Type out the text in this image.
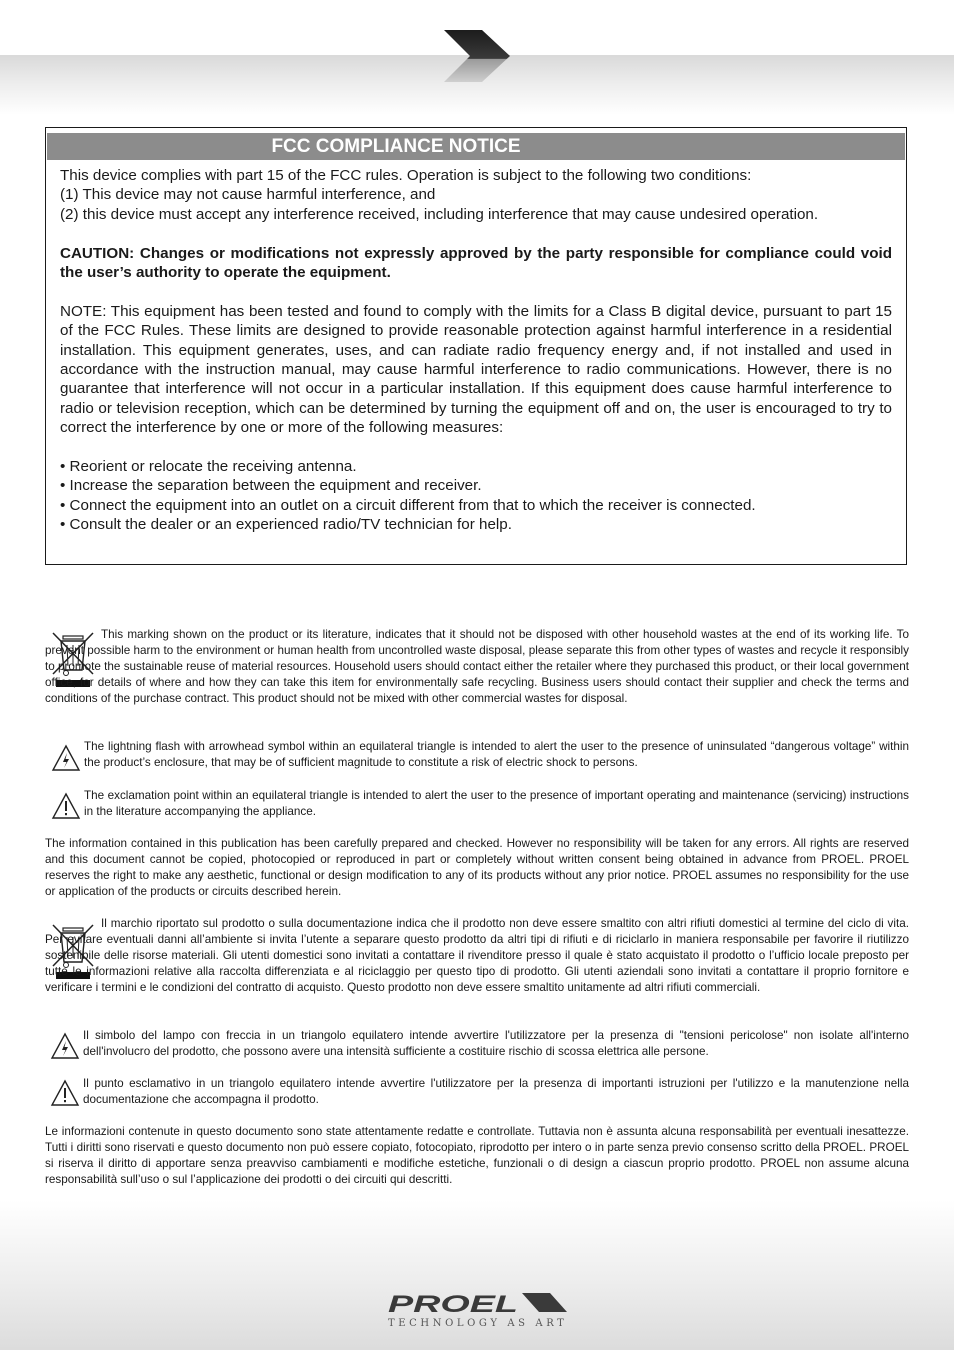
FCC COMPLIANCE NOTICE

This device complies with part 15 of the FCC rules. Operation is subject to the following two conditions:

(1) This device may not cause harmful interference, and

(2) this device must accept any interference received, including interference that may cause undesired operation.

CAUTION: Changes or modifications not expressly approved by the party responsible for compliance could void the user’s authority to operate the equipment.

NOTE: This equipment has been tested and found to comply with the limits for a Class B digital device, pursuant to part 15 of the FCC Rules. These limits are designed to provide reasonable protection against harmful interference in a residential installation. This equipment generates, uses, and can radiate radio frequency energy and, if not installed and used in accordance with the instruction manual, may cause harmful interference to radio communications. However, there is no guarantee that interference will not occur in a particular installation. If this equipment does cause harmful interference to radio or television reception, which can be determined by turning the equipment off and on, the user is encouraged to try to correct the interference by one or more of the following measures:

• Reorient or relocate the receiving antenna.

• Increase the separation between the equipment and receiver.

• Connect the equipment into an outlet on a circuit different from that to which the receiver is connected.

• Consult the dealer or an experienced radio/TV technician for help.

This marking shown on the product or its literature, indicates that it should not be disposed with other household wastes at the end of its working life. To prevent possible harm to the environment or human health from uncontrolled waste disposal, please separate this from other types of wastes and recycle it responsibly to promote the sustainable reuse of material resources. Household users should contact either the retailer where they purchased this product, or their local government office, for details of where and how they can take this item for environmentally safe recycling. Business users should contact their supplier and check the terms and conditions of the purchase contract. This product should not be mixed with other commercial wastes for disposal.

The lightning flash with arrowhead symbol within an equilateral triangle is intended to alert the user to the presence of uninsulated “dangerous voltage” within the product’s enclosure, that may be of sufficient magnitude to constitute a risk of electric shock to persons.

The exclamation point within an equilateral triangle is intended to alert the user to the presence of important operating and maintenance (servicing) instructions in the literature accompanying the appliance.

The information contained in this publication has been carefully prepared and checked. However no responsibility will be taken for any errors. All rights are reserved and this document cannot be copied, photocopied or reproduced in part or completely without written consent being obtained in advance from PROEL. PROEL reserves the right to make any aesthetic, functional or design modification to any of its products without any prior notice. PROEL assumes no responsibility for the use or application of the products or circuits described herein.

Il marchio riportato sul prodotto o sulla documentazione indica che il prodotto non deve essere smaltito con altri rifiuti domestici al termine del ciclo di vita. Per evitare eventuali danni all’ambiente si invita l’utente a separare questo prodotto da altri tipi di rifiuti e di riciclarlo in maniera responsabile per favorire il riutilizzo sostenibile delle risorse materiali. Gli utenti domestici sono invitati a contattare il rivenditore presso il quale è stato acquistato il prodotto o l’ufficio locale preposto per tutte le informazioni relative alla raccolta differenziata e al riciclaggio per questo tipo di prodotto. Gli utenti aziendali sono invitati a contattare il proprio fornitore e verificare i termini e le condizioni del contratto di acquisto. Questo prodotto non deve essere smaltito unitamente ad altri rifiuti commerciali.

Il simbolo del lampo con freccia in un triangolo equilatero intende avvertire l'utilizzatore per la presenza di "tensioni pericolose" non isolate all'interno dell'involucro del prodotto, che possono avere una intensità sufficiente a costituire rischio di scossa elettrica alle persone.

Il punto esclamativo in un triangolo equilatero intende avvertire l'utilizzatore per la presenza di importanti istruzioni per l'utilizzo e la manutenzione nella documentazione che accompagna il prodotto.

Le informazioni contenute in questo documento sono state attentamente redatte e controllate. Tuttavia non è assunta alcuna responsabilità per eventuali inesattezze. Tutti i diritti sono riservati e questo documento non può essere copiato, fotocopiato, riprodotto per intero o in parte senza previo consenso scritto della PROEL. PROEL si riserva il diritto di apportare senza preavviso cambiamenti e modifiche estetiche, funzionali o di design a ciascun proprio prodotto. PROEL non assume alcuna responsabilità sull’uso o sul l’applicazione dei prodotti o dei circuiti qui descritti.

PROEL
TECHNOLOGY AS ART
